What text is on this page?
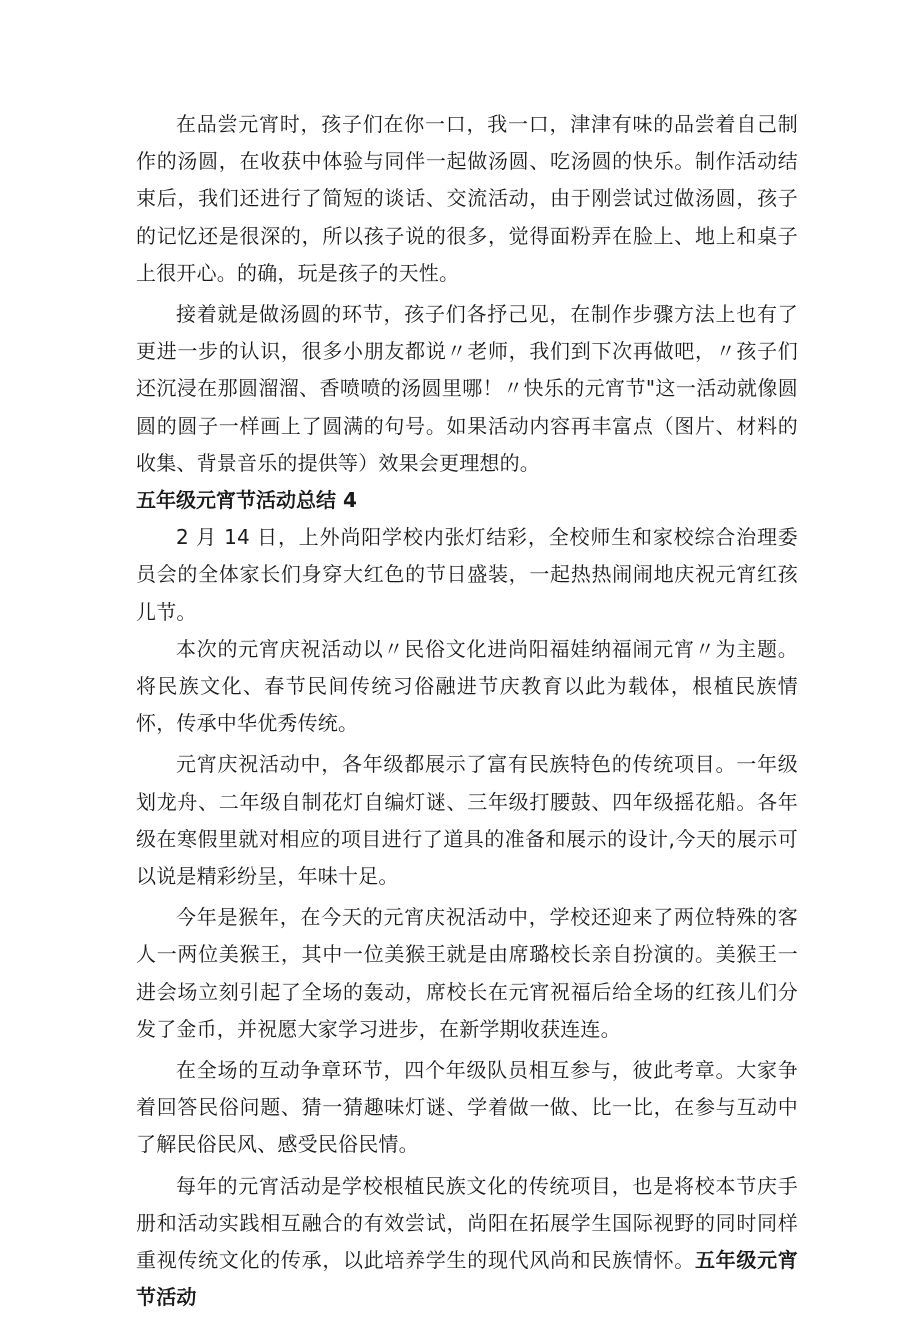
在品尝元宵时，孩子们在你一口，我一口，津津有味的品尝着自己制作的汤圆，在收获中体验与同伴一起做汤圆、吃汤圆的快乐。制作活动结束后，我们还进行了简短的谈话、交流活动，由于刚尝试过做汤圆，孩子的记忆还是很深的，所以孩子说的很多，觉得面粉弄在脸上、地上和桌子上很开心。的确，玩是孩子的天性。

接着就是做汤圆的环节，孩子们各抒己见，在制作步骤方法上也有了更进一步的认识，很多小朋友都说〃老师，我们到下次再做吧，〃孩子们还沉浸在那圆溜溜、香喷喷的汤圆里哪！〃快乐的元宵节"这一活动就像圆圆的圆子一样画上了圆满的句号。如果活动内容再丰富点（图片、材料的收集、背景音乐的提供等）效果会更理想的。

五年级元宵节活动总结 4

2 月 14 日，上外尚阳学校内张灯结彩，全校师生和家校综合治理委员会的全体家长们身穿大红色的节日盛装，一起热热闹闹地庆祝元宵红孩儿节。

本次的元宵庆祝活动以〃民俗文化进尚阳福娃纳福闹元宵〃为主题。将民族文化、春节民间传统习俗融进节庆教育以此为载体，根植民族情怀，传承中华优秀传统。

元宵庆祝活动中，各年级都展示了富有民族特色的传统项目。一年级划龙舟、二年级自制花灯自编灯谜、三年级打腰鼓、四年级摇花船。各年级在寒假里就对相应的项目进行了道具的准备和展示的设计,今天的展示可以说是精彩纷呈，年味十足。

今年是猴年，在今天的元宵庆祝活动中，学校还迎来了两位特殊的客人一两位美猴王，其中一位美猴王就是由席璐校长亲自扮演的。美猴王一进会场立刻引起了全场的轰动，席校长在元宵祝福后给全场的红孩儿们分发了金币，并祝愿大家学习进步，在新学期收获连连。

在全场的互动争章环节，四个年级队员相互参与，彼此考章。大家争着回答民俗问题、猜一猜趣味灯谜、学着做一做、比一比，在参与互动中了解民俗民风、感受民俗民情。

每年的元宵活动是学校根植民族文化的传统项目，也是将校本节庆手册和活动实践相互融合的有效尝试，尚阳在拓展学生国际视野的同时同样重视传统文化的传承，以此培养学生的现代风尚和民族情怀。五年级元宵节活动
